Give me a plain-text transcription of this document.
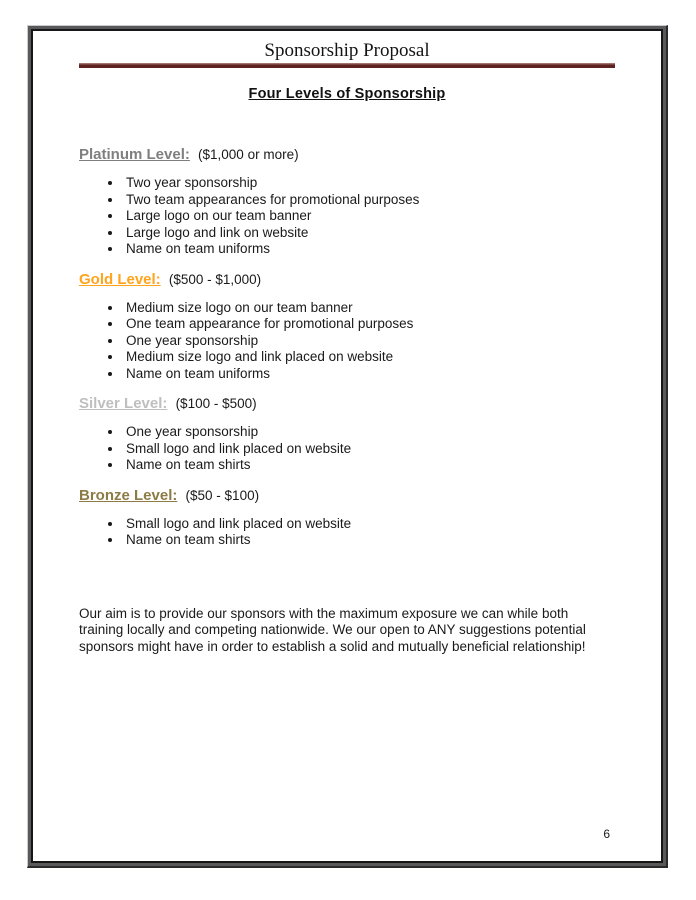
Sponsorship Proposal
Four Levels of Sponsorship
Platinum Level: ($1,000 or more)
• Two year sponsorship
• Two team appearances for promotional purposes
• Large logo on our team banner
• Large logo and link on website
• Name on team uniforms
Gold Level: ($500 - $1,000)
• Medium size logo on our team banner
• One team appearance for promotional purposes
• One year sponsorship
• Medium size logo and link placed on website
• Name on team uniforms
Silver Level: ($100 - $500)
• One year sponsorship
• Small logo and link placed on website
• Name on team shirts
Bronze Level: ($50 - $100)
• Small logo and link placed on website
• Name on team shirts
Our aim is to provide our sponsors with the maximum exposure we can while both training locally and competing nationwide. We our open to ANY suggestions potential sponsors might have in order to establish a solid and mutually beneficial relationship!
6
